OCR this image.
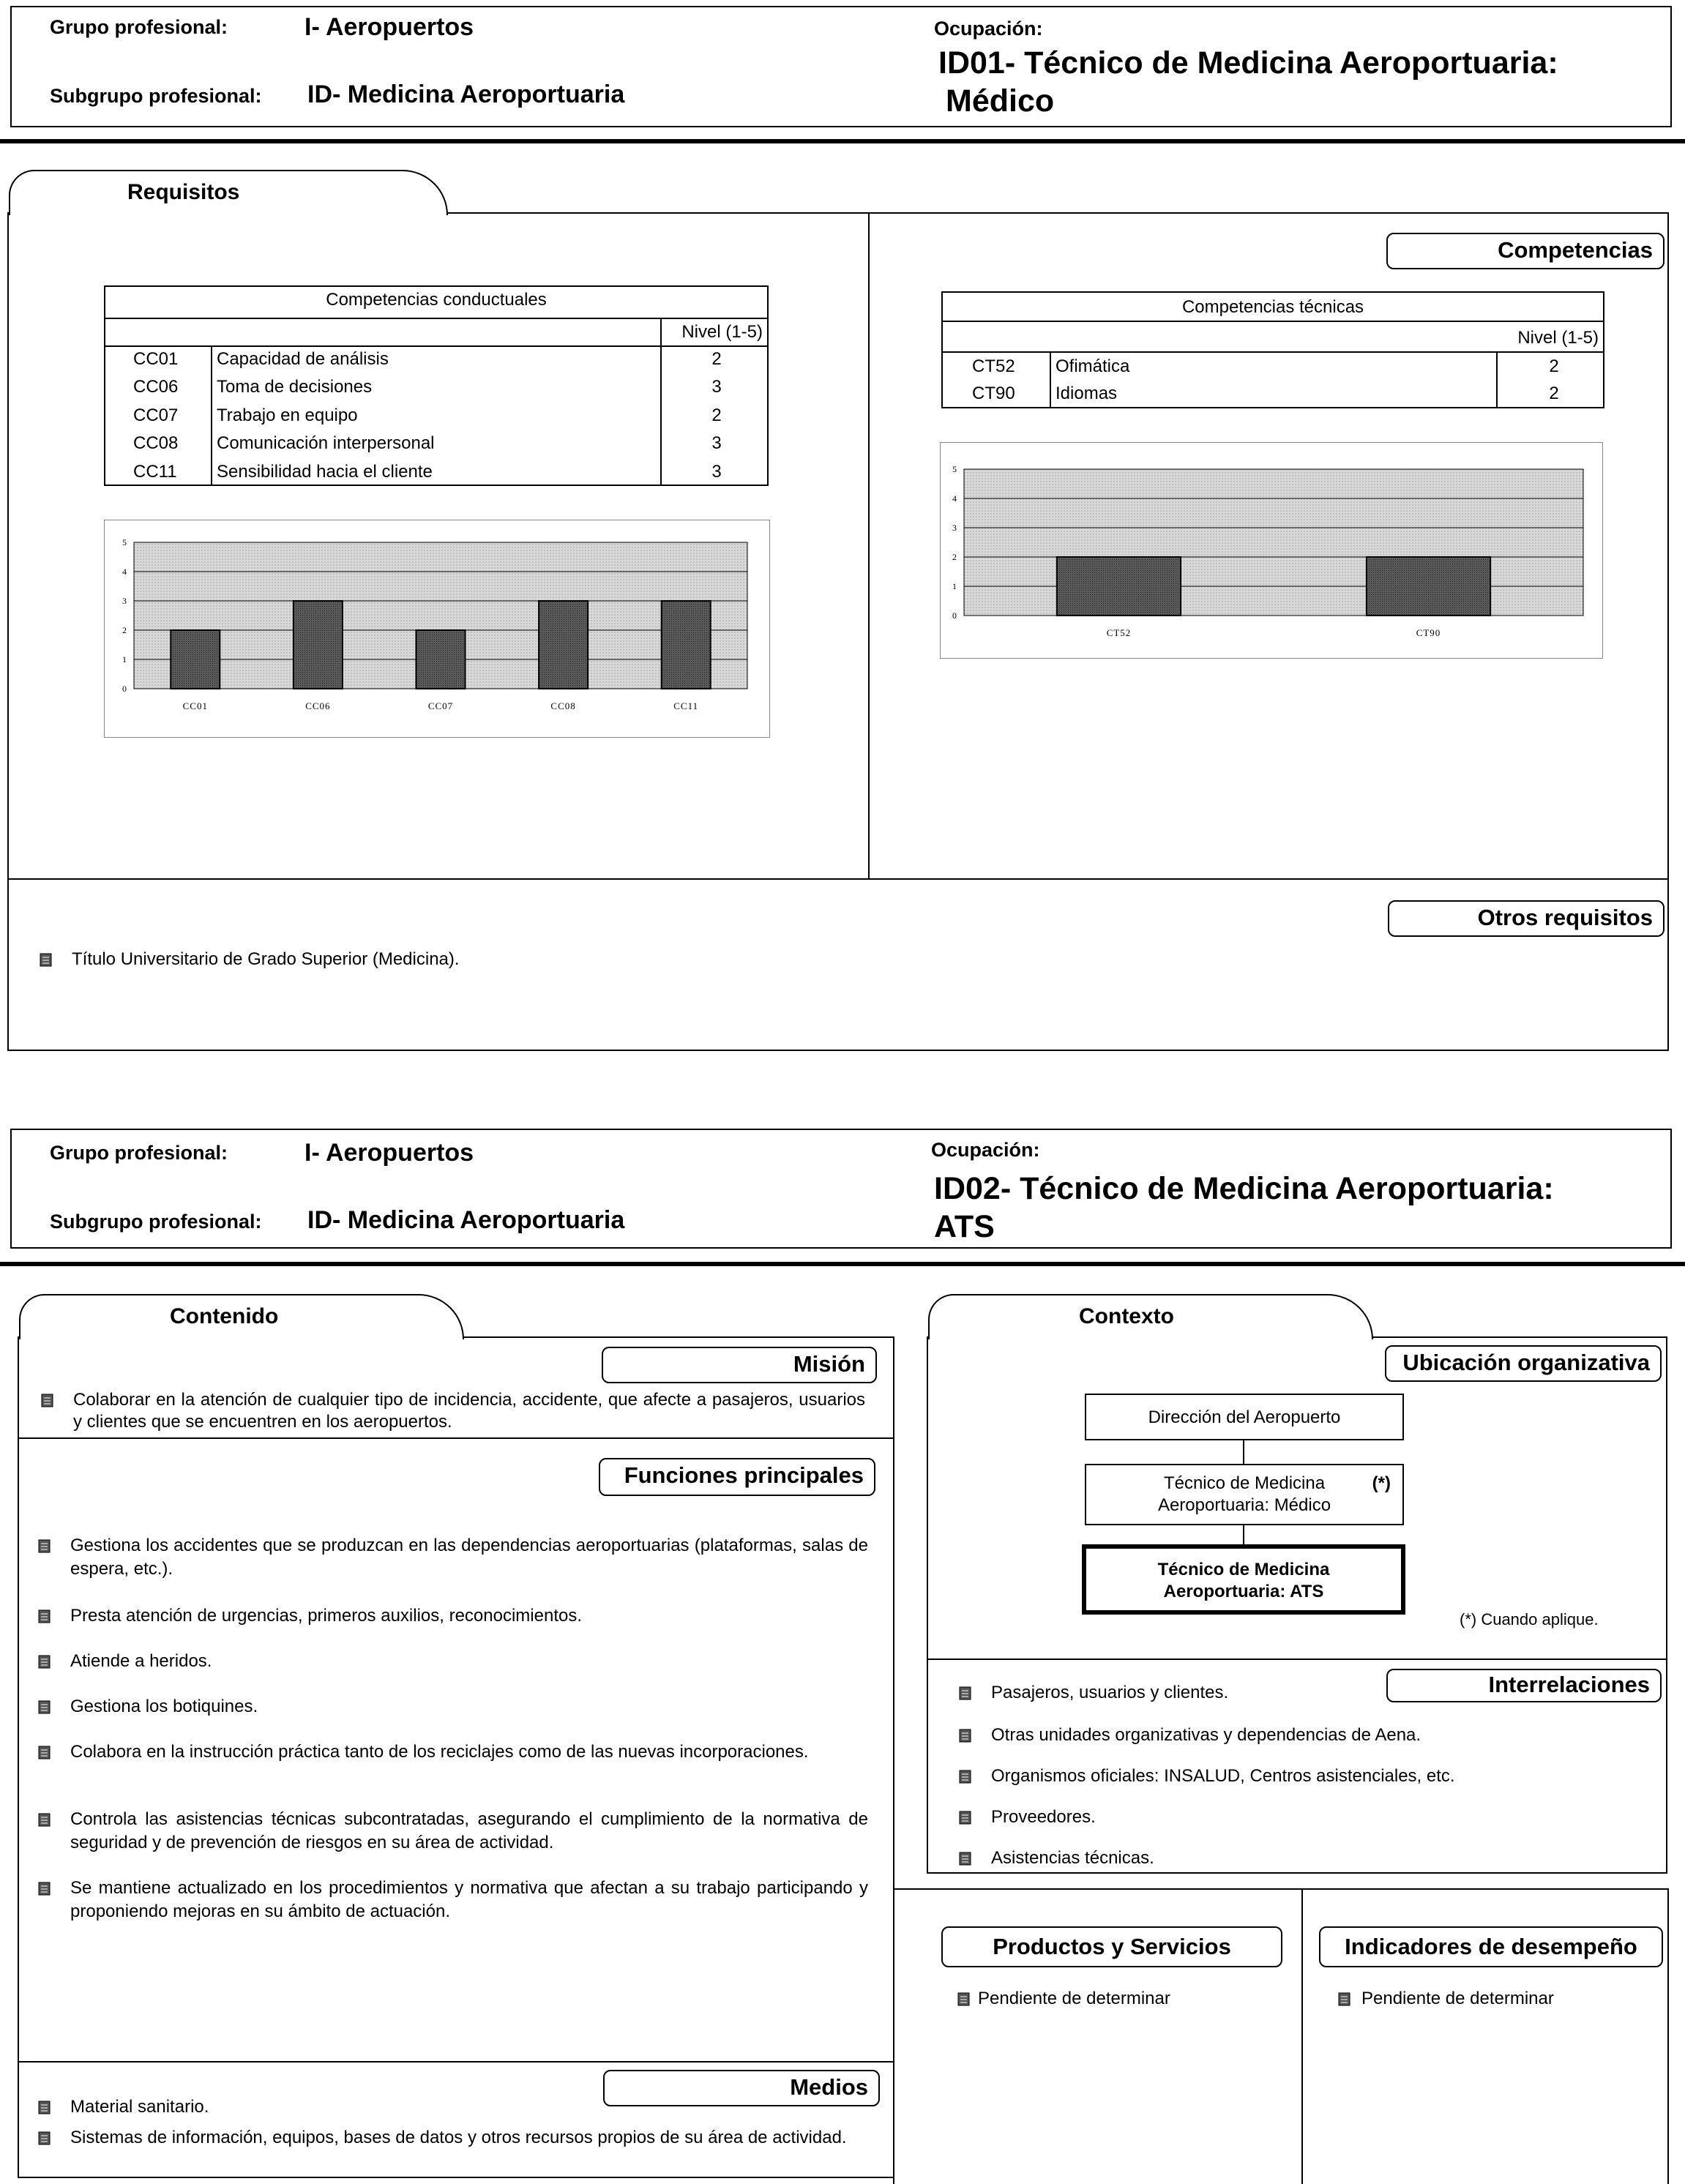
Grupo profesional:	I- Aeropuertos
Subgrupo profesional: ID- Medicina Aeroportuaria
Ocupación:
ID01- Técnico de Medicina Aeroportuaria:
Médico
Requisitos
Competencias conductuales
Nivel (1-5)
CC01 Capacidad de análisis	2
CC06 Toma de decisiones	3
CC07 Trabajo en equipo	2
CC08 Comunicación interpersonal	3
CC11 Sensibilidad hacia el cliente	3
Competencias
Competencias técnicas
Nivel (1-5)
CT52 Ofimática	2
CT90 Idiomas	2
0
1
2
3
4
5
CC01	CC06	CC07	CC08	CC11
0
1
2
3
4
5
CT52	CT90
Otros requisitos
Título Universitario de Grado Superior (Medicina).
Grupo profesional:	I- Aeropuertos
Subgrupo profesional: ID- Medicina Aeroportuaria
Ocupación:
ID02- Técnico de Medicina Aeroportuaria:
ATS
Contenido
Misión
Colaborar en la atención de cualquier tipo de incidencia, accidente, que afecte a pasajeros, usuarios y clientes que se encuentren en los aeropuertos.
Funciones principales
Gestiona los accidentes que se produzcan en las dependencias aeroportuarias (plataformas, salas de espera, etc.).
Presta atención de urgencias, primeros auxilios, reconocimientos.
Atiende a heridos.
Gestiona los botiquines.
Colabora en la instrucción práctica tanto de los reciclajes como de las nuevas incorporaciones.
Controla las asistencias técnicas subcontratadas, asegurando el cumplimiento de la normativa de seguridad y de prevención de riesgos en su área de actividad.
Se mantiene actualizado en los procedimientos y normativa que afectan a su trabajo participando y proponiendo mejoras en su ámbito de actuación.
Medios
Material sanitario.
Sistemas de información, equipos, bases de datos y otros recursos propios de su área de actividad.
Contexto
Ubicación organizativa
Dirección del Aeropuerto
Técnico de Medicina
Aeroportuaria: Médico
(*)
Técnico de Medicina
Aeroportuaria: ATS
(*) Cuando aplique.
Interrelaciones
Pasajeros, usuarios y clientes.
Otras unidades organizativas y dependencias de Aena.
Organismos oficiales: INSALUD, Centros asistenciales, etc.
Proveedores.
Asistencias técnicas.
Productos y Servicios	Indicadores de desempeño
Pendiente de determinar	Pendiente de determinar
